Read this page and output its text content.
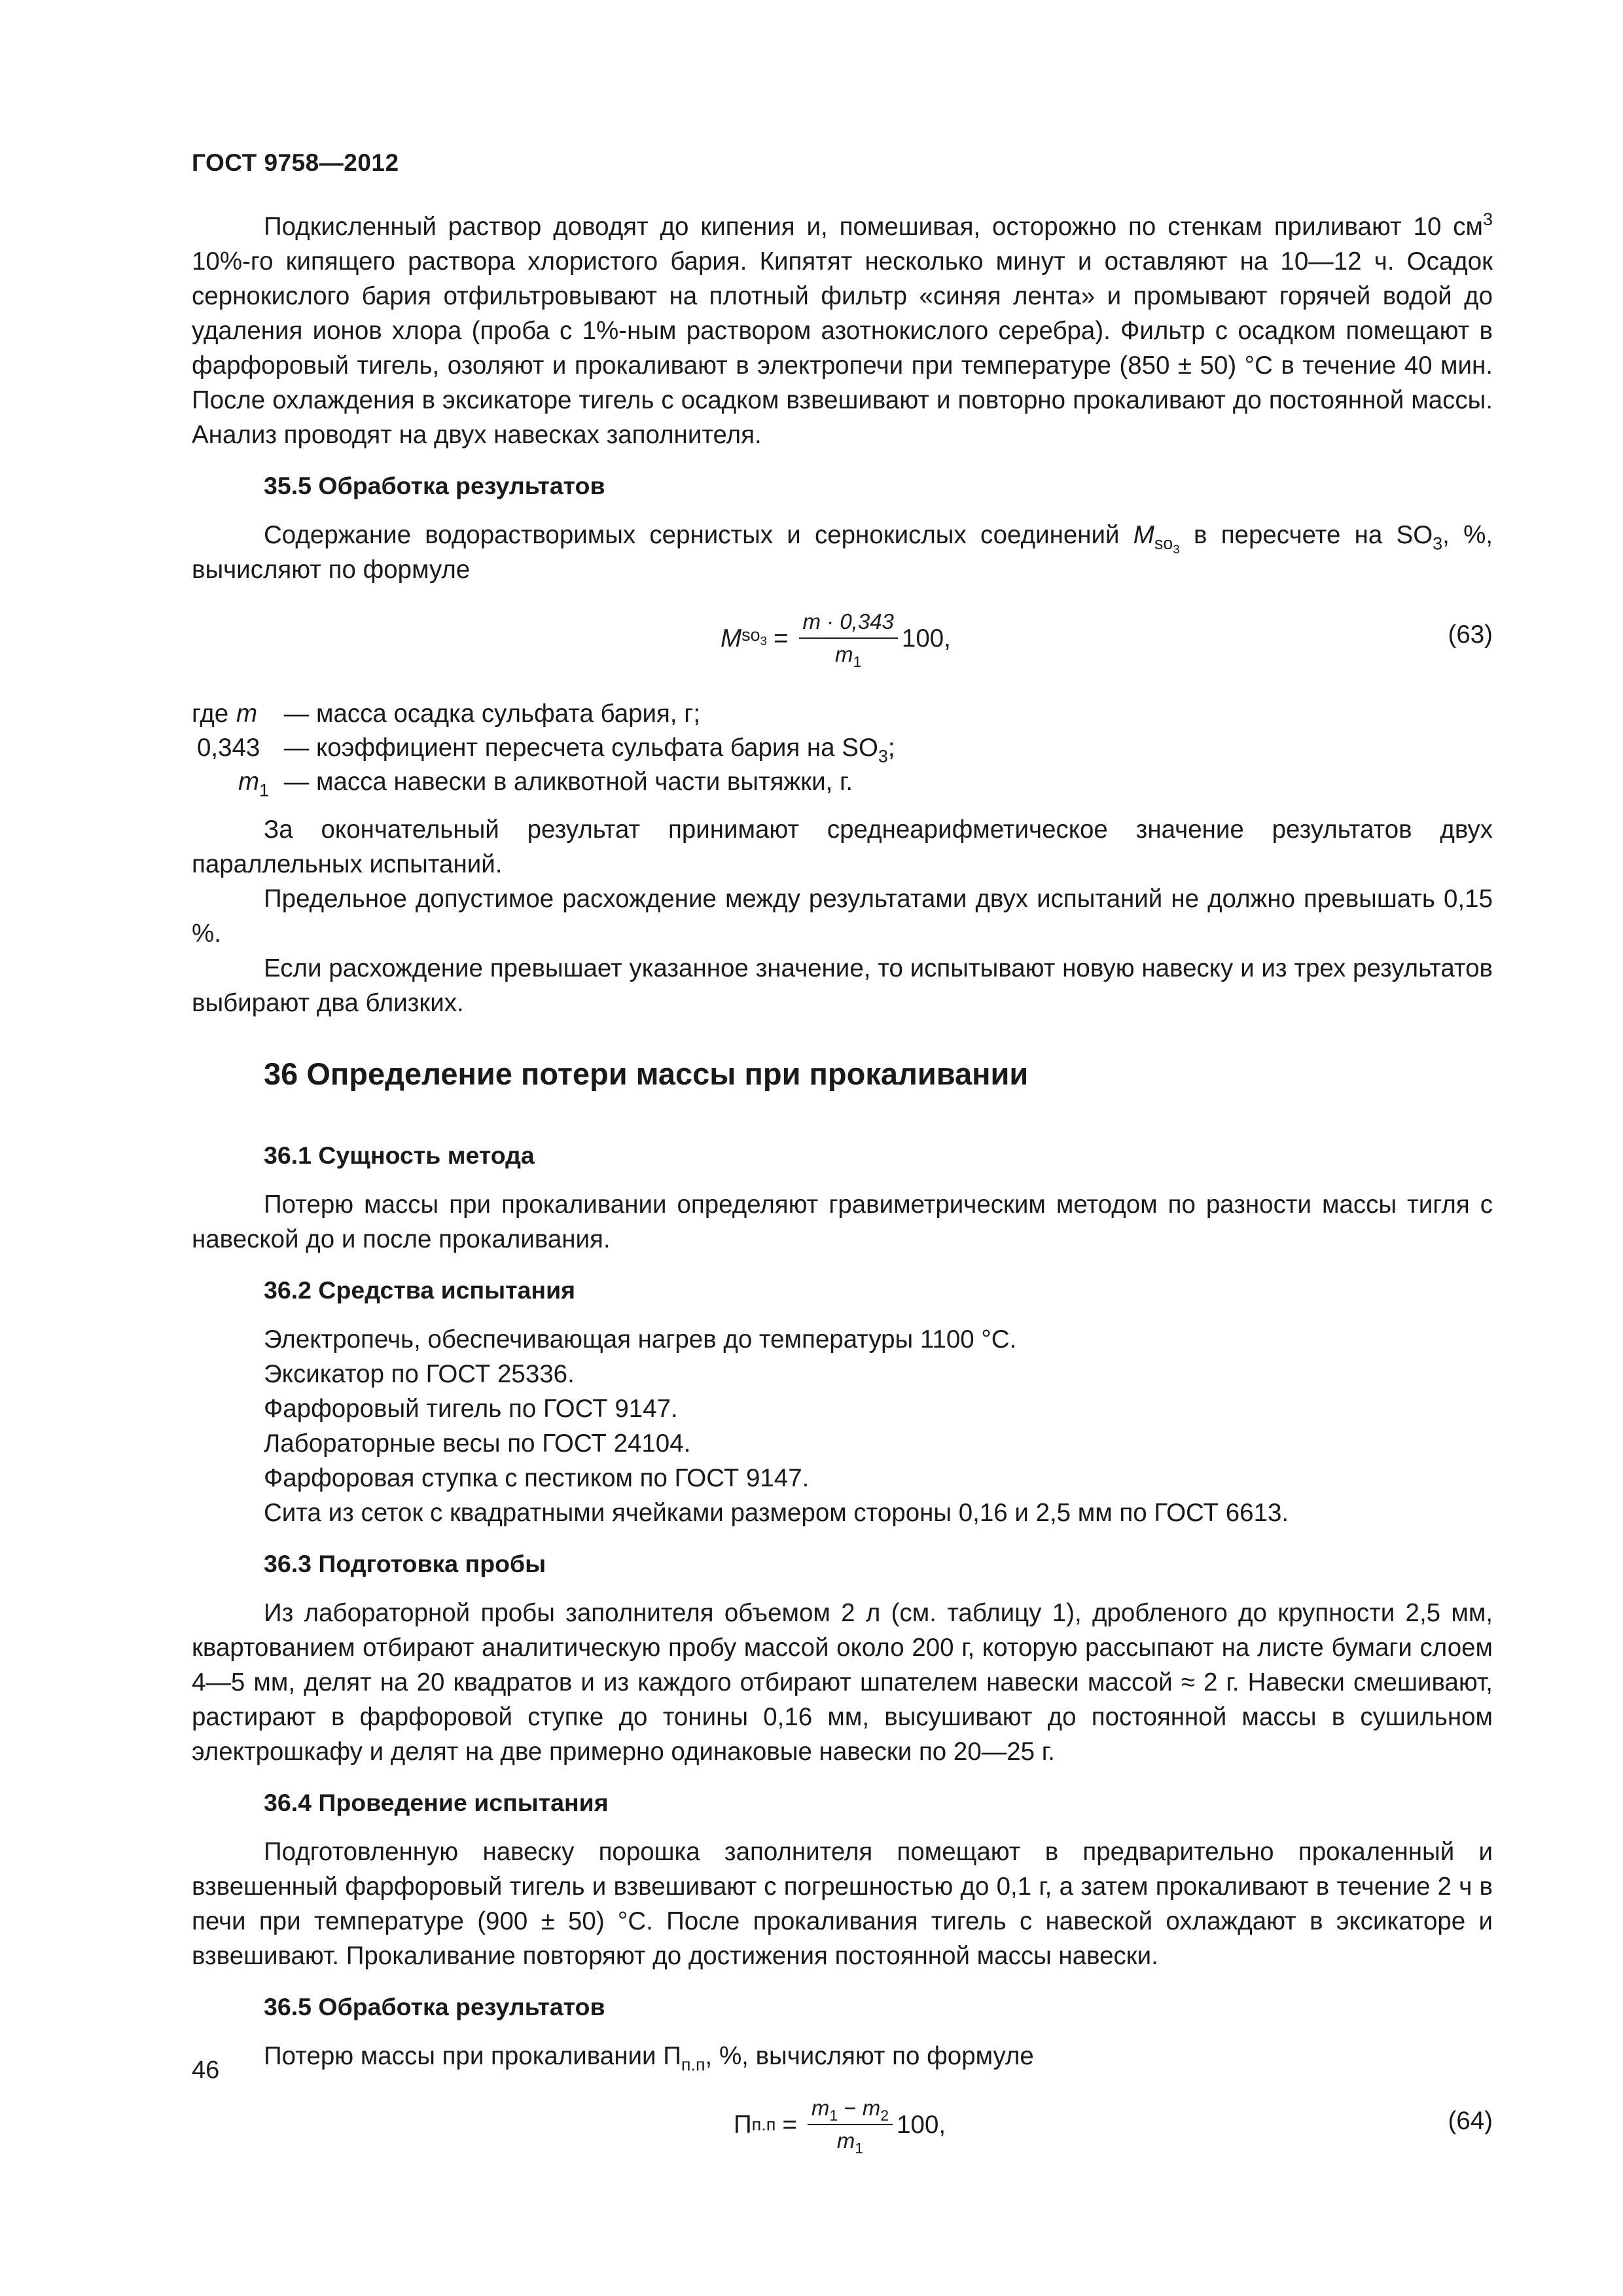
ГОСТ 9758—2012

Подкисленный раствор доводят до кипения и, помешивая, осторожно по стенкам приливают 10 $см^3$ 10%-го кипящего раствора хлористого бария. Кипятят несколько минут и оставляют на 10—12 ч. Осадок сернокислого бария отфильтровывают на плотный фильтр «синяя лента» и промывают горячей водой до удаления ионов хлора (проба с 1%-ным раствором азотнокислого серебра). Фильтр с осадком помещают в фарфоровый тигель, озоляют и прокаливают в электропечи при температуре (850 ± 50) °С в течение 40 мин. После охлаждения в эксикаторе тигель с осадком взвешивают и повторно прокаливают до постоянной массы. Анализ проводят на двух навесках заполнителя.

35.5 Обработка результатов

Содержание водорастворимых сернистых и сернокислых соединений $M_{so_3}$ в пересчете на $SO_3$, %, вычисляют по формуле

M $so_3 = \frac{m \cdot 0,343}{m_1} 100$,	(63)
где m	— масса осадка сульфата бария, г;
0,343 — коэффициент пересчета сульфата бария на $SO_3$;
$m_1$ — масса навески в аликвотной части вытяжки, г.

За окончательный результат принимают среднеарифметическое значение результатов двух параллельных испытаний.

Предельное допустимое расхождение между результатами двух испытаний не должно превышать 0,15 %.

Если расхождение превышает указанное значение, то испытывают новую навеску и из трех результатов выбирают два близких.

36 Определение потери массы при прокаливании
36.1 Сущность метода

Потерю массы при прокаливании определяют гравиметрическим методом по разности массы тигля с навеской до и после прокаливания.

36.2 Средства испытания
Электропечь, обеспечивающая нагрев до температуры 1100 °С.
Эксикатор по ГОСТ 25336.
Фарфоровый тигель по ГОСТ 9147.
Лабораторные весы по ГОСТ 24104.
Фарфоровая ступка с пестиком по ГОСТ 9147.
Сита из сеток с квадратными ячейками размером стороны 0,16 и 2,5 мм по ГОСТ 6613.
36.3 Подготовка пробы

Из лабораторной пробы заполнителя объемом 2 л (см. таблицу 1), дробленого до крупности 2,5 мм, квартованием отбирают аналитическую пробу массой около 200 г, которую рассыпают на листе бумаги слоем 4—5 мм, делят на 20 квадратов и из каждого отбирают шпателем навески массой ≈ 2 г. Навески смешивают, растирают в фарфоровой ступке до тонины 0,16 мм, высушивают до постоянной массы в сушильном электрошкафу и делят на две примерно одинаковые навески по 20—25 г.

36.4 Проведение испытания

Подготовленную навеску порошка заполнителя помещают в предварительно прокаленный и взвешенный фарфоровый тигель и взвешивают с погрешностью до 0,1 г, а затем прокаливают в течение 2 ч в печи при температуре (900 ± 50) °С. После прокаливания тигель с навеской охлаждают в эксикаторе и взвешивают. Прокаливание повторяют до достижения постоянной массы навески.

36.5 Обработка результатов

Потерю массы при прокаливании $П_{п.п}$, %, вычисляют по формуле

П $п.п = \frac{m_1 - m_2}{m_1} 100$,	(64)
46
